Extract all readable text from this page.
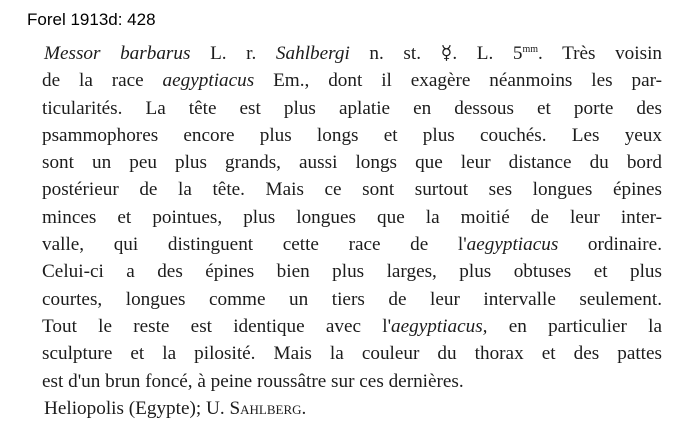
Forel 1913d: 428
Messor barbarus L. r. Sahlbergi n. st. ☿. L. $5^{mm}$. Très voisin
de la race aegyptiacus Em., dont il exagère néanmoins les par-
ticularités. La tête est plus aplatie en dessous et porte des
psammophores encore plus longs et plus couchés. Les yeux
sont un peu plus grands, aussi longs que leur distance du bord
postérieur de la tête. Mais ce sont surtout ses longues épines
minces et pointues, plus longues que la moitié de leur inter-
valle, qui distinguent cette race de l'aegyptiacus ordinaire.
Celui-ci a des épines bien plus larges, plus obtuses et plus
courtes, longues comme un tiers de leur intervalle seulement.
Tout le reste est identique avec l'aegyptiacus, en particulier la
sculpture et la pilosité. Mais la couleur du thorax et des pattes
est d'un brun foncé, à peine roussâtre sur ces dernières.
Heliopolis (Egypte); U. Sahlberg.
